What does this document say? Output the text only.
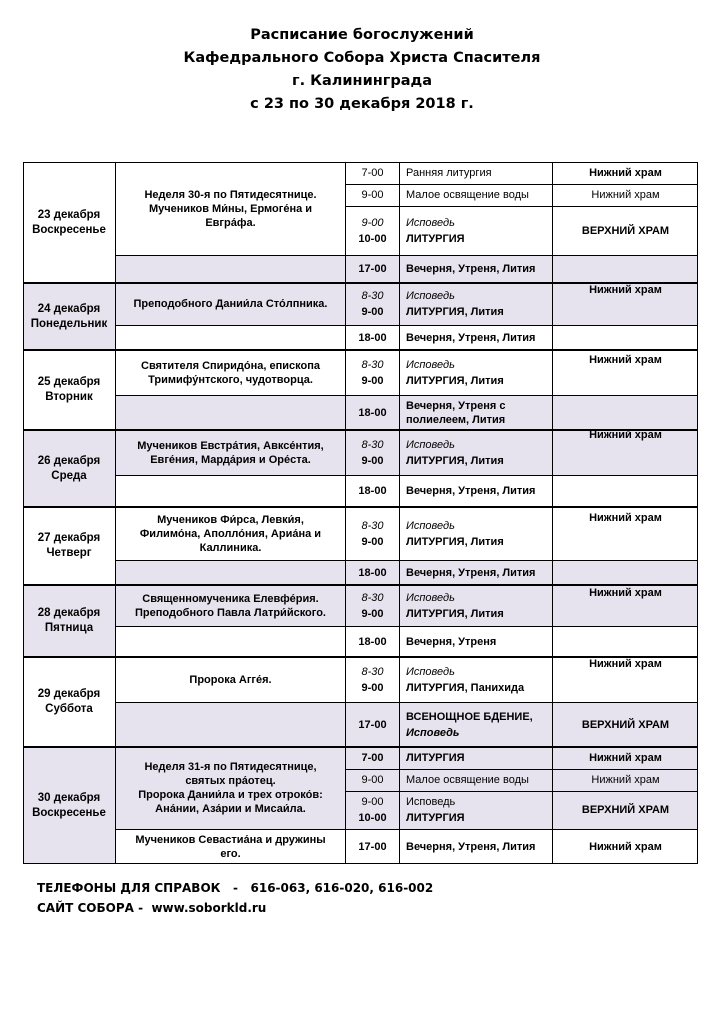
Расписание богослужений
Кафедрального Собора Христа Спасителя
г. Калининграда
с 23 по 30 декабря 2018 г.
23 декабря
Воскресенье
24 декабря
Понедельник
25 декабря
Вторник
26 декабря
Среда
27 декабря
Четверг
28 декабря
Пятница
29 декабря
Суббота
30 декабря
Воскресенье
Неделя 30-я по Пятидесятнице.
Мучеников Ми́ны, Ермоге́на и
Евгра́фа.
Преподобного Дании́ла Сто́лпника.
Святителя Спиридо́на, епископа
Тримифу́нтского, чудотворца.
Мучеников Евстра́тия, Авксе́нтия,
Евге́ния, Марда́рия и Оре́ста.
Мучеников Фи́рса, Левки́я,
Филимо́на, Аполло́ния, Ариа́на и
Каллиника.
Священномученика Елевфе́рия.
Преподобного Павла Латри́йского.
Пророка Агге́я.
Неделя 31-я по Пятидесятнице,
святых пра́отец.
Пророка Дании́ла и трех отроко́в:
Ана́нии, Аза́рии и Мисаи́ла.
Мучеников Севастиа́на и дружины
его.
7-00 Ранняя литургия
9-00 Малое освящение воды
9-00
10-00
Исповедь
ЛИТУРГИЯ
17-00 Вечерня, Утреня, Лития
8-30
9-00
Исповедь
ЛИТУРГИЯ, Лития
18-00 Вечерня, Утреня, Лития
8-30
9-00
Исповедь
ЛИТУРГИЯ, Лития
18-00
Вечерня, Утреня с
полиелеем, Лития
8-30
9-00
Исповедь
ЛИТУРГИЯ, Лития
18-00 Вечерня, Утреня, Лития
8-30
9-00
Исповедь
ЛИТУРГИЯ, Лития
18-00 Вечерня, Утреня, Лития
8-30
9-00
Исповедь
ЛИТУРГИЯ, Лития
18-00 Вечерня, Утреня
8-30
9-00
Исповедь
ЛИТУРГИЯ, Панихида
17-00
ВСЕНОЩНОЕ БДЕНИЕ,
Исповедь
7-00 ЛИТУРГИЯ
9-00 Малое освящение воды
9-00
10-00
Исповедь
ЛИТУРГИЯ
17-00 Вечерня, Утреня, Лития
Нижний храм
Нижний храм
ВЕРХНИЙ ХРАМ
Нижний храм
Нижний храм
Нижний храм
Нижний храм
Нижний храм
Нижний храм
ВЕРХНИЙ ХРАМ
Нижний храм
Нижний храм
ВЕРХНИЙ ХРАМ
Нижний храм
ТЕЛЕФОНЫ ДЛЯ СПРАВОК   -   616-063, 616-020, 616-002
САЙТ СОБОРА -  www.soborkld.ru
